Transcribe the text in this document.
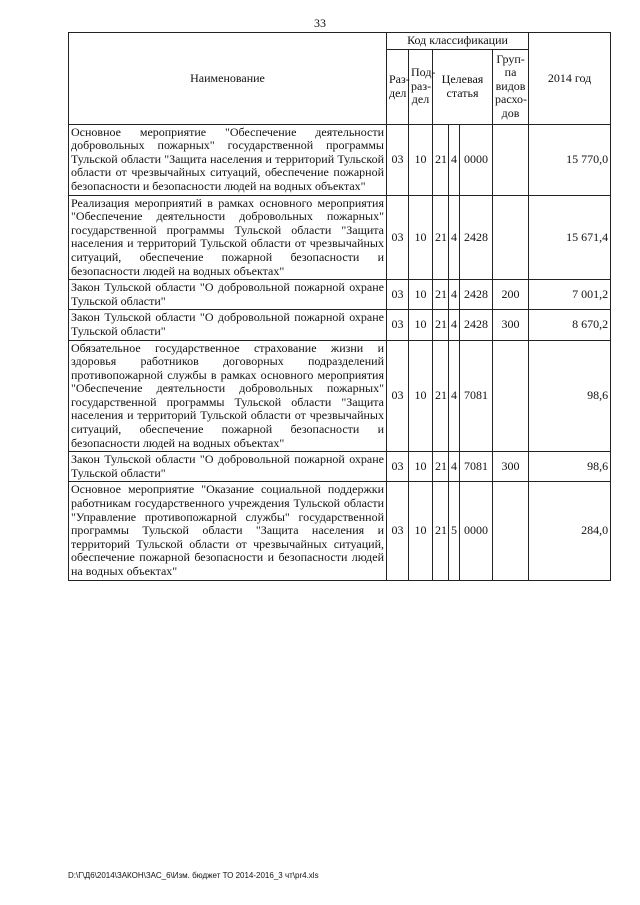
33
Наименование	Код классификации						2014 год
	Раз-дел	Под-раз-дел	Целевая статья			Груп-па видов расхо-дов	
Основное мероприятие "Обеспечение деятельности добровольных пожарных" государственной программы Тульской области "Защита населения и территорий Тульской области от чрезвычайных ситуаций, обеспечение пожарной безопасности и безопасности людей на водных объектах"	03	10	21	4	0000		15 770,0
Реализация мероприятий в рамках основного мероприятия "Обеспечение деятельности добровольных пожарных" государственной программы Тульской области "Защита населения и территорий Тульской области от чрезвычайных ситуаций, обеспечение пожарной безопасности и безопасности людей на водных объектах"	03	10	21	4	2428		15 671,4
Закон Тульской области "О добровольной пожарной охране Тульской области"	03	10	21	4	2428	200	7 001,2
Закон Тульской области "О добровольной пожарной охране Тульской области"	03	10	21	4	2428	300	8 670,2
Обязательное государственное страхование жизни и здоровья работников договорных подразделений противопожарной службы в рамках основного мероприятия "Обеспечение деятельности добровольных пожарных" государственной программы Тульской области "Защита населения и территорий Тульской области от чрезвычайных ситуаций, обеспечение пожарной безопасности и безопасности людей на водных объектах"	03	10	21	4	7081		98,6
Закон Тульской области "О добровольной пожарной охране Тульской области"	03	10	21	4	7081	300	98,6
Основное мероприятие "Оказание социальной поддержки работникам государственного учреждения Тульской области "Управление противопожарной службы" государственной программы Тульской области "Защита населения и территорий Тульской области от чрезвычайных ситуаций, обеспечение пожарной безопасности и безопасности людей на водных объектах"	03	10	21	5	0000		284,0
D:\Г\Д6\2014\ЗАКОН\ЗАС_6\Изм. бюджет ТО 2014-2016_3 чт\pr4.xls
